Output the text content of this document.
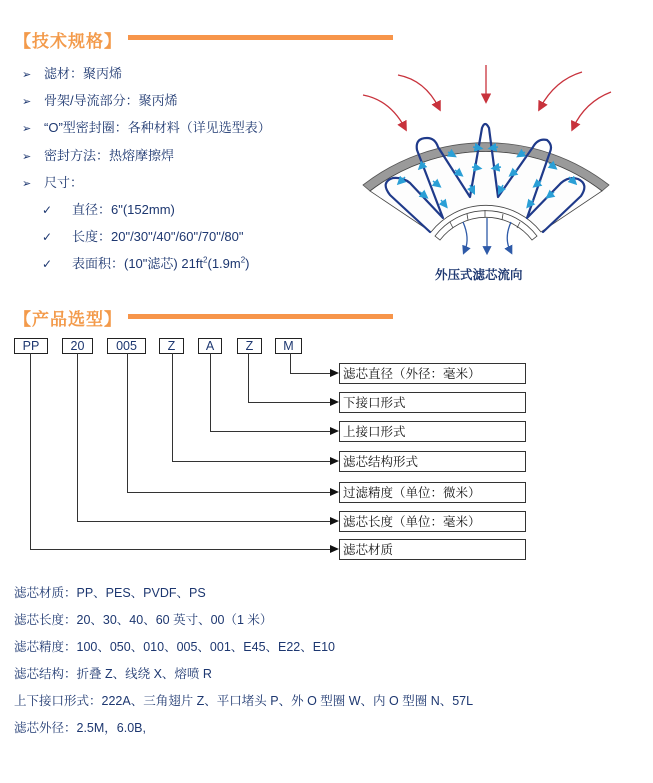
【技术规格】
➢ 滤材：聚丙烯
➢ 骨架/导流部分：聚丙烯
➢ “O”型密封圈：各种材料（详见选型表）
➢ 密封方法：热熔摩擦焊
➢ 尺寸：
✓ 直径：6"(152mm)
✓ 长度：20"/30"/40"/60"/70"/80"
✓ 表面积：(10"滤芯) $21ft^2(1.9m^2)$
外压式滤芯流向
【产品选型】
PP	20	005	Z	A	Z	M
滤芯直径（外径：毫米）
下接口形式
上接口形式
滤芯结构形式
过滤精度（单位：微米）
滤芯长度（单位：毫米）
滤芯材质
滤芯材质：PP、PES、PVDF、PS
滤芯长度：20、30、40、60 英寸、00（1 米）
滤芯精度：100、050、010、005、001、E45、E22、E10
滤芯结构：折叠 Z、线绕 X、熔喷 R
上下接口形式：222A、三角翅片 Z、平口堵头 P、外 O 型圈 W、内 O 型圈 N、57L
滤芯外径：2.5M，6.0B,
